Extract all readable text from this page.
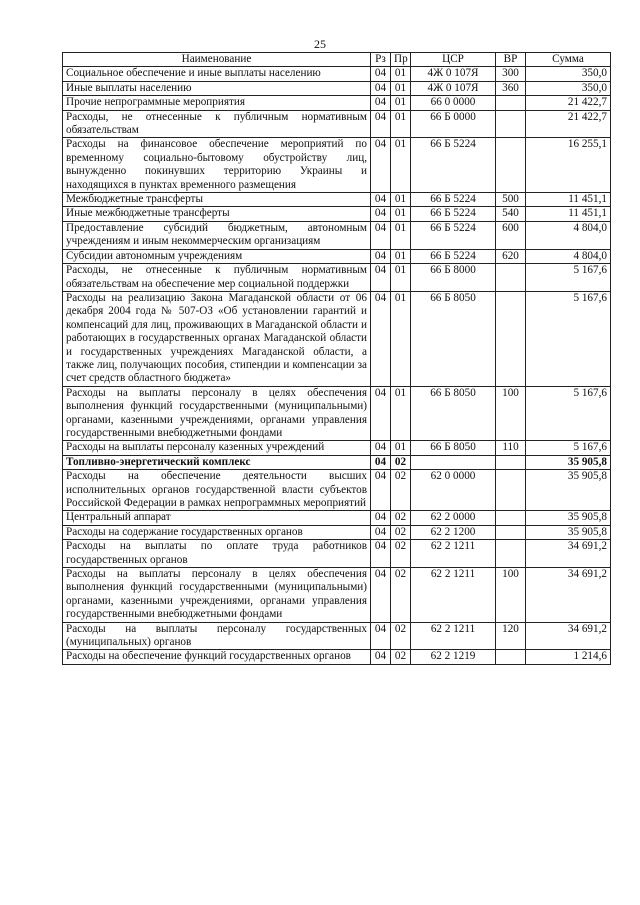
25
Наименование	Рз	Пр	ЦСР	ВР	Сумма
Социальное обеспечение и иные выплаты населению	04	01	4Ж 0 107Я	300	350,0
Иные выплаты населению	04	01	4Ж 0 107Я	360	350,0
Прочие непрограммные мероприятия	04	01	66 0 0000		21 422,7
Расходы, не отнесенные к публичным нормативным обязательствам	04	01	66 Б 0000		21 422,7
Расходы на финансовое обеспечение мероприятий по временному социально-бытовому обустройству лиц, вынужденно покинувших территорию Украины и находящихся в пунктах временного размещения	04	01	66 Б 5224		16 255,1
Межбюджетные трансферты	04	01	66 Б 5224	500	11 451,1
Иные межбюджетные трансферты	04	01	66 Б 5224	540	11 451,1
Предоставление субсидий бюджетным, автономным учреждениям и иным некоммерческим организациям	04	01	66 Б 5224	600	4 804,0
Субсидии автономным учреждениям	04	01	66 Б 5224	620	4 804,0
Расходы, не отнесенные к публичным нормативным обязательствам на обеспечение мер социальной поддержки	04	01	66 Б 8000		5 167,6
Расходы на реализацию Закона Магаданской области от 06 декабря 2004 года № 507-ОЗ «Об установлении гарантий и компенсаций для лиц, проживающих в Магаданской области и работающих в государственных органах Магаданской области и государственных учреждениях Магаданской области, а также лиц, получающих пособия, стипендии и компенсации за счет средств областного бюджета»	04	01	66 Б 8050		5 167,6
Расходы на выплаты персоналу в целях обеспечения выполнения функций государственными (муниципальными) органами, казенными учреждениями, органами управления государственными внебюджетными фондами	04	01	66 Б 8050	100	5 167,6
Расходы на выплаты персоналу казенных учреждений	04	01	66 Б 8050	110	5 167,6
Топливно-энергетический комплекс	04	02			35 905,8
Расходы на обеспечение деятельности высших исполнительных органов государственной власти субъектов Российской Федерации в рамках непрограммных мероприятий	04	02	62 0 0000		35 905,8
Центральный аппарат	04	02	62 2 0000		35 905,8
Расходы на содержание государственных органов	04	02	62 2 1200		35 905,8
Расходы на выплаты по оплате труда работников государственных органов	04	02	62 2 1211		34 691,2
Расходы на выплаты персоналу в целях обеспечения выполнения функций государственными (муниципальными) органами, казенными учреждениями, органами управления государственными внебюджетными фондами	04	02	62 2 1211	100	34 691,2
Расходы на выплаты персоналу государственных (муниципальных) органов	04	02	62 2 1211	120	34 691,2
Расходы на обеспечение функций государственных органов	04	02	62 2 1219		1 214,6
